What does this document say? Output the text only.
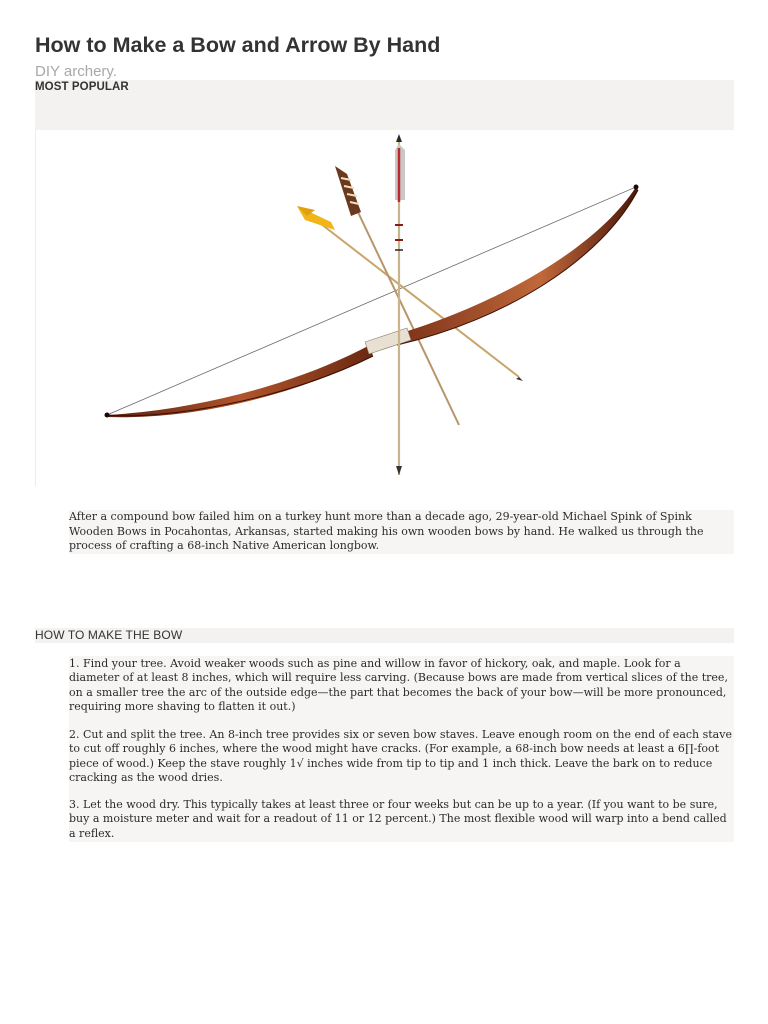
How to Make a Bow and Arrow By Hand
DIY archery.
MOST POPULAR

After a compound bow failed him on a turkey hunt more than a decade ago, 29-year-old Michael Spink of Spink Wooden Bows in Pocahontas, Arkansas, started making his own wooden bows by hand. He walked us through the process of crafting a 68-inch Native American longbow.

HOW TO MAKE THE BOW

1. Find your tree. Avoid weaker woods such as pine and willow in favor of hickory, oak, and maple. Look for a diameter of at least 8 inches, which will require less carving. (Because bows are made from vertical slices of the tree, on a smaller tree the arc of the outside edge—the part that becomes the back of your bow—will be more pronounced, requiring more shaving to flatten it out.)

2. Cut and split the tree. An 8-inch tree provides six or seven bow staves. Leave enough room on the end of each stave to cut off roughly 6 inches, where the wood might have cracks. (For example, a 68-inch bow needs at least a 6∏-foot piece of wood.) Keep the stave roughly 1√ inches wide from tip to tip and 1 inch thick. Leave the bark on to reduce cracking as the wood dries.

3. Let the wood dry. This typically takes at least three or four weeks but can be up to a year. (If you want to be sure, buy a moisture meter and wait for a readout of 11 or 12 percent.) The most flexible wood will warp into a bend called a reflex.
